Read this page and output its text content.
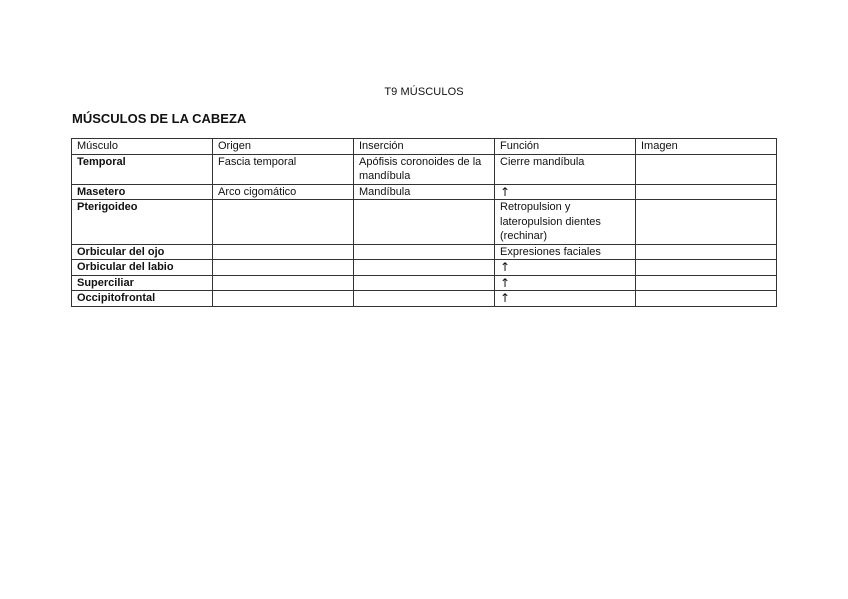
T9 MÚSCULOS
MÚSCULOS DE LA CABEZA
Músculo	Origen	Inserción	Función	Imagen
Temporal	Fascia temporal	Apófisis coronoides de la mandíbula	Cierre mandíbula	
Masetero	Arco cigomático	Mandíbula	↑	
Pterigoideo			Retropulsion y lateropulsion dientes (rechinar)	
Orbicular del ojo			Expresiones faciales	
Orbicular del labio			↑	
Superciliar			↑	
Occipitofrontal			↑	
